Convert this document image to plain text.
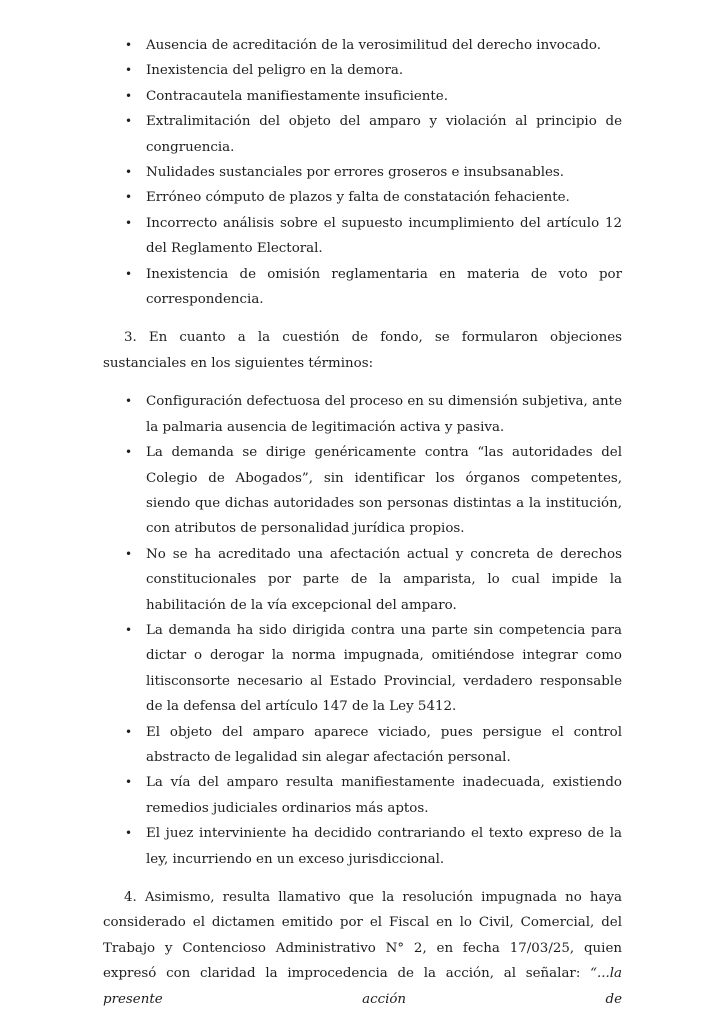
• Ausencia de acreditación de la verosimilitud del derecho invocado.
• Inexistencia del peligro en la demora.
• Contracautela manifiestamente insuficiente.
• Extralimitación del objeto del amparo y violación al principio de congruencia.
• Nulidades sustanciales por errores groseros e insubsanables.
• Erróneo cómputo de plazos y falta de constatación fehaciente.
• Incorrecto análisis sobre el supuesto incumplimiento del artículo 12 del Reglamento Electoral.
• Inexistencia de omisión reglamentaria en materia de voto por correspondencia.

3. En cuanto a la cuestión de fondo, se formularon objeciones sustanciales en los siguientes términos:

• Configuración defectuosa del proceso en su dimensión subjetiva, ante la palmaria ausencia de legitimación activa y pasiva.
• La demanda se dirige genéricamente contra “las autoridades del Colegio de Abogados”, sin identificar los órganos competentes, siendo que dichas autoridades son personas distintas a la institución, con atributos de personalidad jurídica propios.
• No se ha acreditado una afectación actual y concreta de derechos constitucionales por parte de la amparista, lo cual impide la habilitación de la vía excepcional del amparo.
• La demanda ha sido dirigida contra una parte sin competencia para dictar o derogar la norma impugnada, omitiéndose integrar como litisconsorte necesario al Estado Provincial, verdadero responsable de la defensa del artículo 147 de la Ley 5412.
• El objeto del amparo aparece viciado, pues persigue el control abstracto de legalidad sin alegar afectación personal.
• La vía del amparo resulta manifiestamente inadecuada, existiendo remedios judiciales ordinarios más aptos.
• El juez interviniente ha decidido contrariando el texto expreso de la ley, incurriendo en un exceso jurisdiccional.

4. Asimismo, resulta llamativo que la resolución impugnada no haya considerado el dictamen emitido por el Fiscal en lo Civil, Comercial, del Trabajo y Contencioso Administrativo N° 2, en fecha 17/03/25, quien expresó con claridad la improcedencia de la acción, al señalar: “...la presente acción de
